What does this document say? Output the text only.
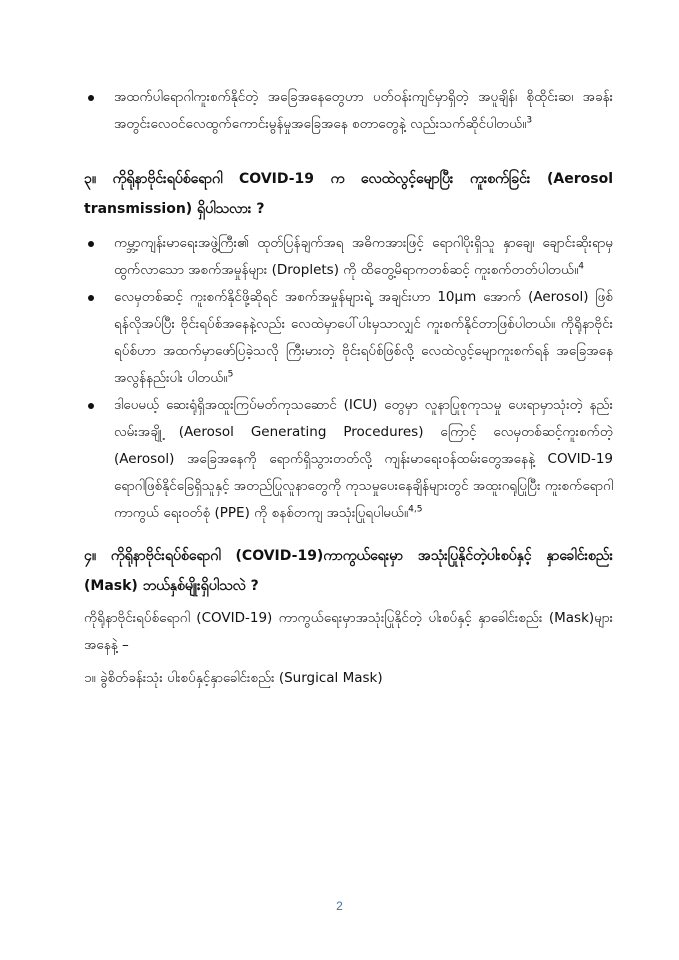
အထက်ပါရောဂါကူးစက်နိုင်တဲ့ အခြေအနေတွေဟာ ပတ်ဝန်းကျင်မှာရှိတဲ့ အပူချိန်၊ စိုထိုင်းဆ၊ အခန်းအတွင်းလေဝင်လေထွက်ကောင်းမွန်မှုအခြေအနေ စတာတွေနဲ့ လည်းသက်ဆိုင်ပါတယ်။$^3$

၃။ ကိုရိုနာဗိုင်းရပ်စ်ရောဂါ COVID-19 က လေထဲလွင့်မျောပြီး ကူးစက်ခြင်း (Aerosol transmission) ရှိပါသလား ?

ကမ္ဘာ့ကျန်းမာရေးအဖွဲ့ကြီး၏ ထုတ်ပြန်ချက်အရ အဓိကအားဖြင့် ရောဂါပိုးရှိသူ နှာချေ၊ ချောင်းဆိုးရာမှ ထွက်လာသော အစက်အမှုန်များ (Droplets) ကို ထိတွေ့မိရာကတစ်ဆင့် ကူးစက်တတ်ပါတယ်။$^4$
လေမှတစ်ဆင့် ကူးစက်နိုင်ဖို့ဆိုရင် အစက်အမှုန်များရဲ့ အချင်းဟာ 10µm အောက် (Aerosol) ဖြစ်ရန်လိုအပ်ပြီး ဗိုင်းရပ်စ်အနေနဲ့လည်း လေထဲမှာပေါ်ပါးမှသာလျှင် ကူးစက်နိုင်တာဖြစ်ပါတယ်။ ကိုရိုနာဗိုင်းရပ်စ်ဟာ အထက်မှာဖော်ပြခဲ့သလို ကြီးမားတဲ့ ဗိုင်းရပ်စ်ဖြစ်လို့ လေထဲလွင့်မျောကူးစက်ရန် အခြေအနေ အလွန်နည်းပါး ပါတယ်။$^5$
ဒါပေမယ့် ဆေးရုံရှိအထူးကြပ်မတ်ကုသဆောင် (ICU) တွေမှာ လူနာပြုစုကုသမှု ပေးရာမှာသုံးတဲ့ နည်းလမ်းအချို့ (Aerosol Generating Procedures) ကြောင့် လေမှတစ်ဆင့်ကူးစက်တဲ့ (Aerosol) အခြေအနေကို ရောက်ရှိသွားတတ်လို့ ကျန်းမာရေးဝန်ထမ်းတွေအနေနဲ့ COVID-19 ရောဂါဖြစ်နိုင်ခြေရှိသူနှင့် အတည်ပြုလူနာတွေကို ကုသမှုပေးနေချိန်များတွင် အထူးဂရုပြုပြီး ကူးစက်ရောဂါကာကွယ် ရေးဝတ်စုံ (PPE) ကို စနစ်တကျ အသုံးပြုရပါမယ်။$^{4,5}$

၄။ ကိုရိုနာဗိုင်းရပ်စ်ရောဂါ (COVID-19)ကာကွယ်ရေးမှာ အသုံးပြုနိုင်တဲ့ပါးစပ်နှင့် နှာခေါင်းစည်း (Mask) ဘယ်နှစ်မျိုးရှိပါသလဲ ?

ကိုရိုနာဗိုင်းရပ်စ်ရောဂါ (COVID-19) ကာကွယ်ရေးမှာအသုံးပြုနိုင်တဲ့ ပါးစပ်နှင့် နှာခေါင်းစည်း (Mask)များ အနေနဲ့ –

၁။ ခွဲစိတ်ခန်းသုံး ပါးစပ်နှင့်နှာခေါင်းစည်း (Surgical Mask)

2
